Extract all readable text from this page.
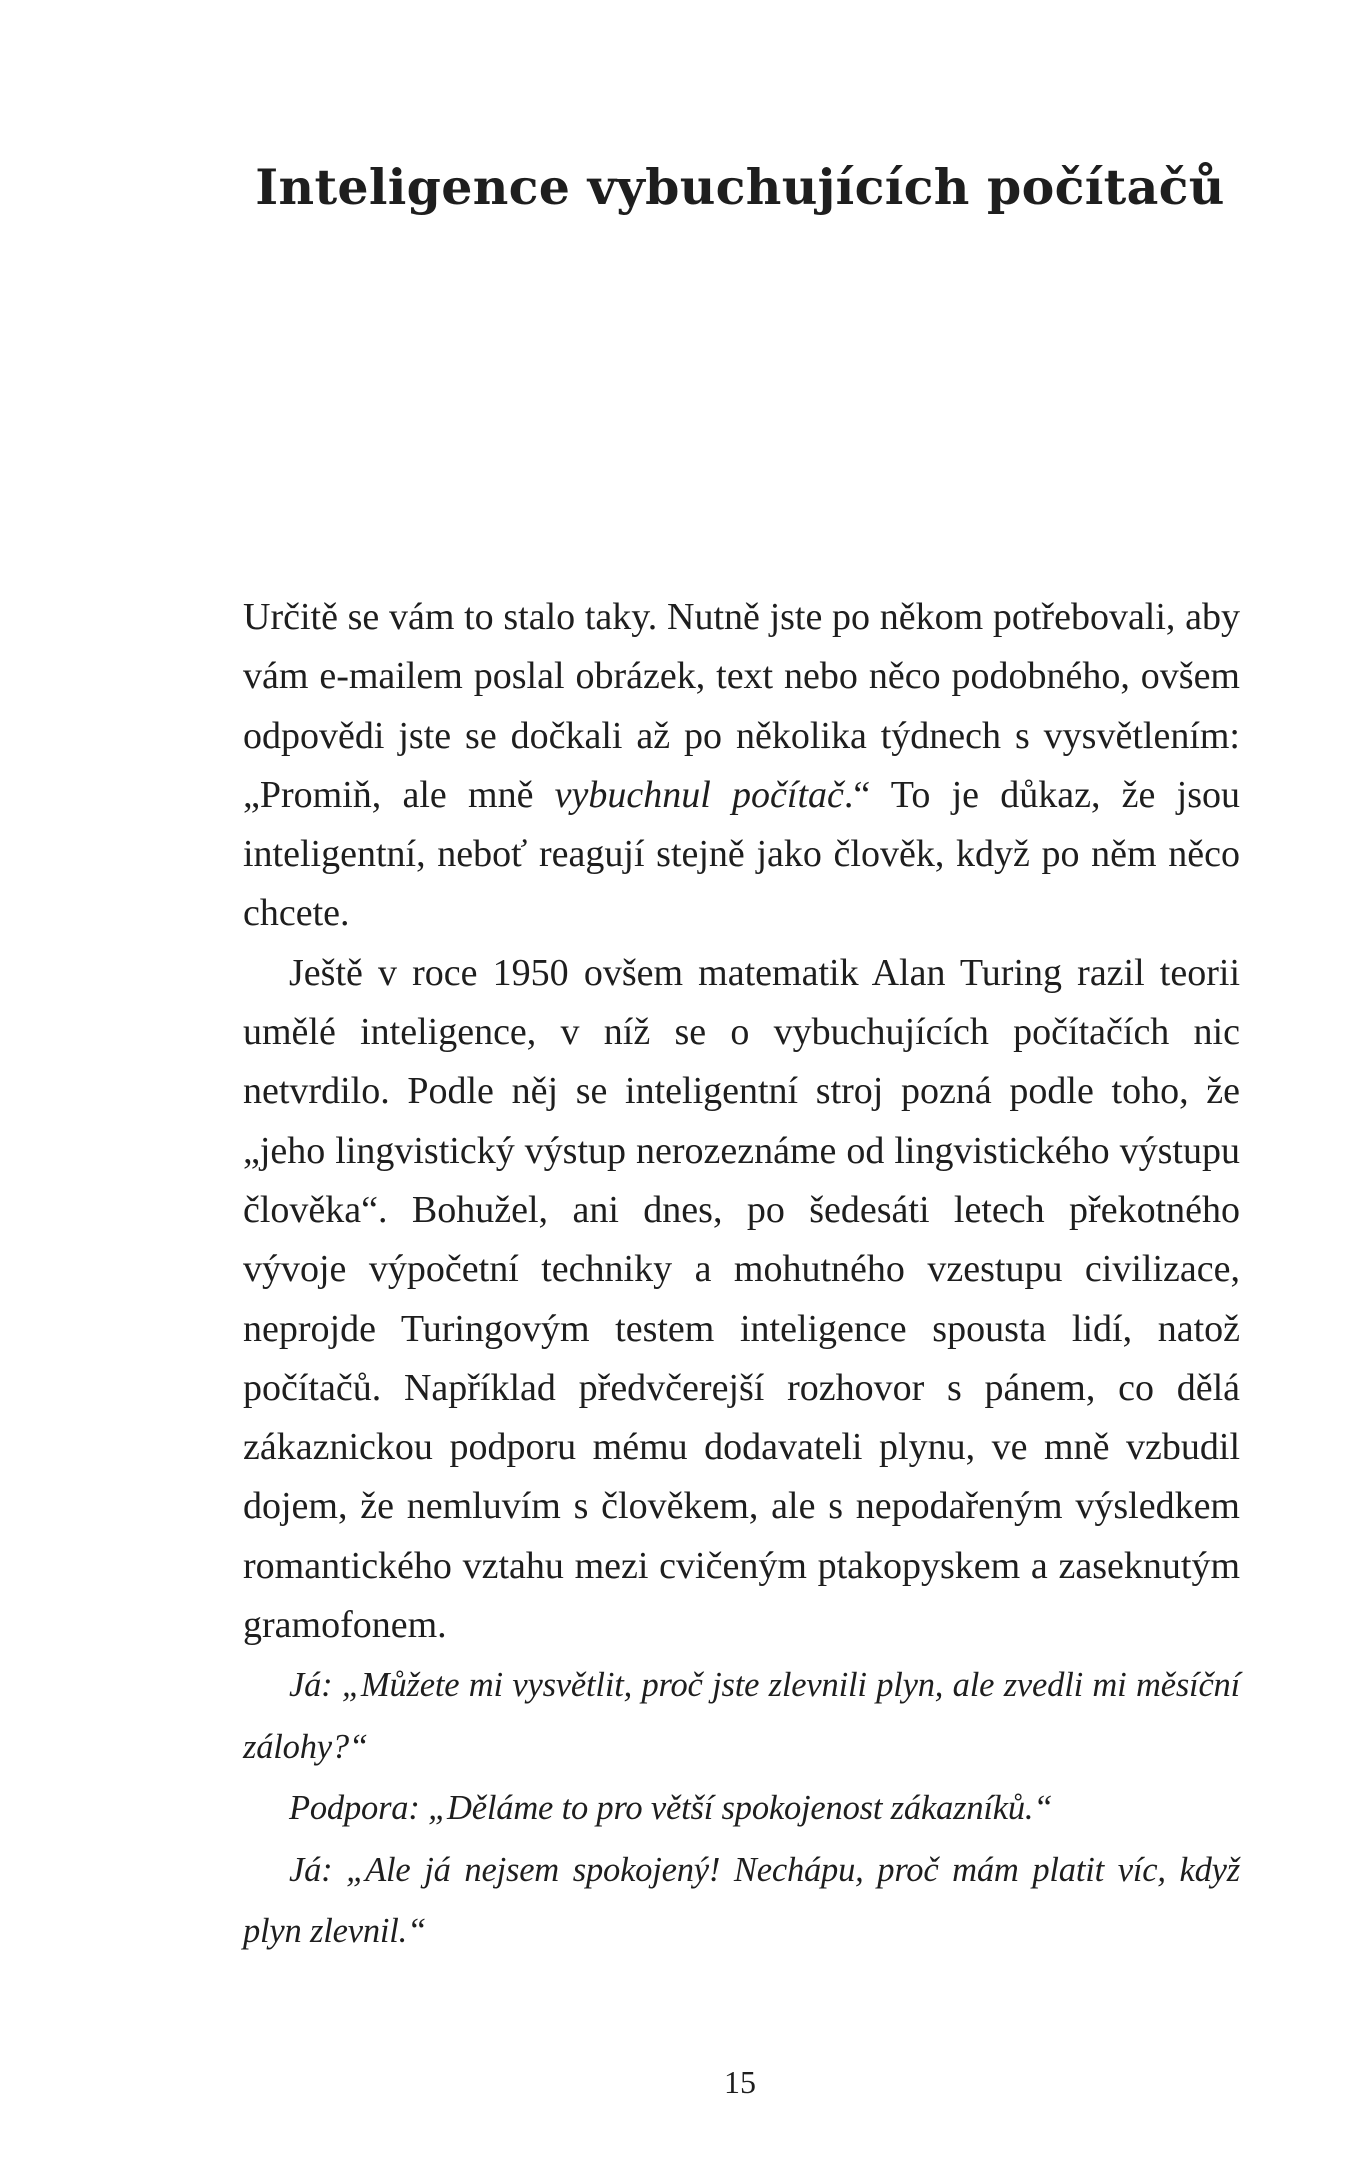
Inteligence vybuchujících počítačů

Určitě se vám to stalo taky. Nutně jste po někom potřebovali, aby vám e-mailem poslal obrázek, text nebo něco podobného, ovšem odpovědi jste se dočkali až po několika týdnech s vysvětlením: „Promiň, ale mně vybuchnul počítač.“ To je důkaz, že jsou inteligentní, neboť reagují stejně jako člověk, když po něm něco chcete.

Ještě v roce 1950 ovšem matematik Alan Turing razil teorii umělé inteligence, v níž se o vybuchujících počítačích nic netvrdilo. Podle něj se inteligentní stroj pozná podle toho, že „jeho lingvistický výstup nerozeznáme od lingvistického výstupu člověka“. Bohužel, ani dnes, po šedesáti letech překotného vývoje výpočetní techniky a mohutného vzestupu civilizace, neprojde Turingovým testem inteligence spousta lidí, natož počítačů. Například předvčerejší rozhovor s pánem, co dělá zákaznickou podporu mému dodavateli plynu, ve mně vzbudil dojem, že nemluvím s člověkem, ale s nepodařeným výsledkem romantického vztahu mezi cvičeným ptakopyskem a zaseknutým gramofonem.

Já: „Můžete mi vysvětlit, proč jste zlevnili plyn, ale zvedli mi měsíční zálohy?“

Podpora: „Děláme to pro větší spokojenost zákazníků.“

Já: „Ale já nejsem spokojený! Nechápu, proč mám platit víc, když plyn zlevnil.“

15
